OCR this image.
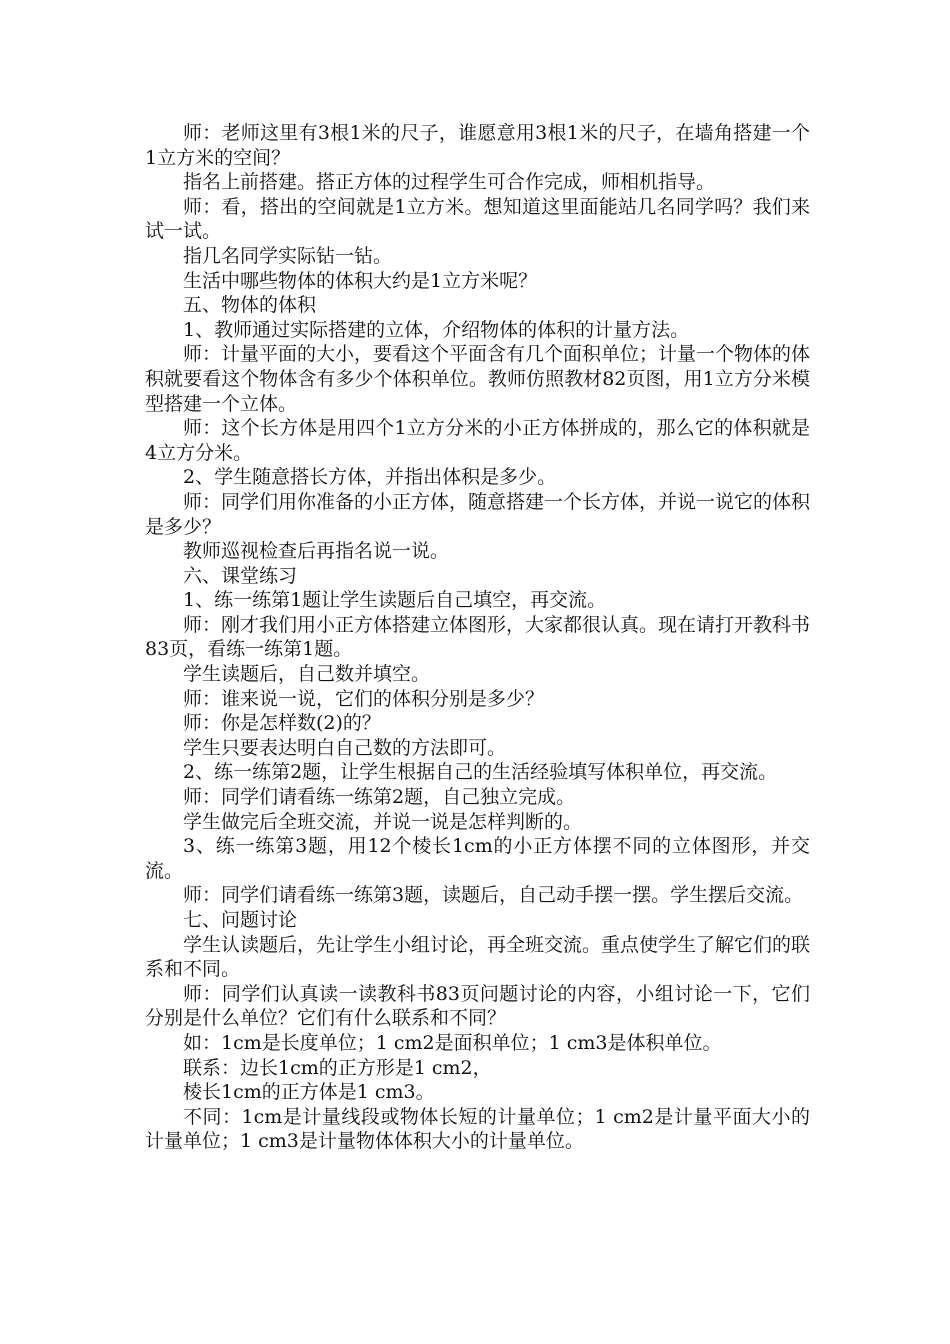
师：老师这里有3根1米的尺子，谁愿意用3根1米的尺子，在墙角搭建一个1立方米的空间？

指名上前搭建。搭正方体的过程学生可合作完成，师相机指导。

师：看，搭出的空间就是1立方米。想知道这里面能站几名同学吗？我们来试一试。

指几名同学实际钻一钻。

生活中哪些物体的体积大约是1立方米呢？

五、物体的体积

1、教师通过实际搭建的立体，介绍物体的体积的计量方法。

师：计量平面的大小，要看这个平面含有几个面积单位；计量一个物体的体积就要看这个物体含有多少个体积单位。教师仿照教材82页图，用1立方分米模型搭建一个立体。

师：这个长方体是用四个1立方分米的小正方体拼成的，那么它的体积就是4立方分米。

2、学生随意搭长方体，并指出体积是多少。

师：同学们用你准备的小正方体，随意搭建一个长方体，并说一说它的体积是多少？

教师巡视检查后再指名说一说。

六、课堂练习

1、练一练第1题让学生读题后自己填空，再交流。

师：刚才我们用小正方体搭建立体图形，大家都很认真。现在请打开教科书83页，看练一练第1题。

学生读题后，自己数并填空。

师：谁来说一说，它们的体积分别是多少？

师：你是怎样数(2)的？

学生只要表达明白自己数的方法即可。

2、练一练第2题，让学生根据自己的生活经验填写体积单位，再交流。

师：同学们请看练一练第2题，自己独立完成。

学生做完后全班交流，并说一说是怎样判断的。

3、练一练第3题，用12个棱长1cm的小正方体摆不同的立体图形，并交流。

师：同学们请看练一练第3题，读题后，自己动手摆一摆。学生摆后交流。

七、问题讨论

学生认读题后，先让学生小组讨论，再全班交流。重点使学生了解它们的联系和不同。

师：同学们认真读一读教科书83页问题讨论的内容，小组讨论一下，它们分别是什么单位？它们有什么联系和不同？

如：1cm是长度单位；1 cm2是面积单位；1 cm3是体积单位。

联系：边长1cm的正方形是1 cm2，

棱长1cm的正方体是1 cm3。

不同：1cm是计量线段或物体长短的计量单位；1 cm2是计量平面大小的计量单位；1 cm3是计量物体体积大小的计量单位。
